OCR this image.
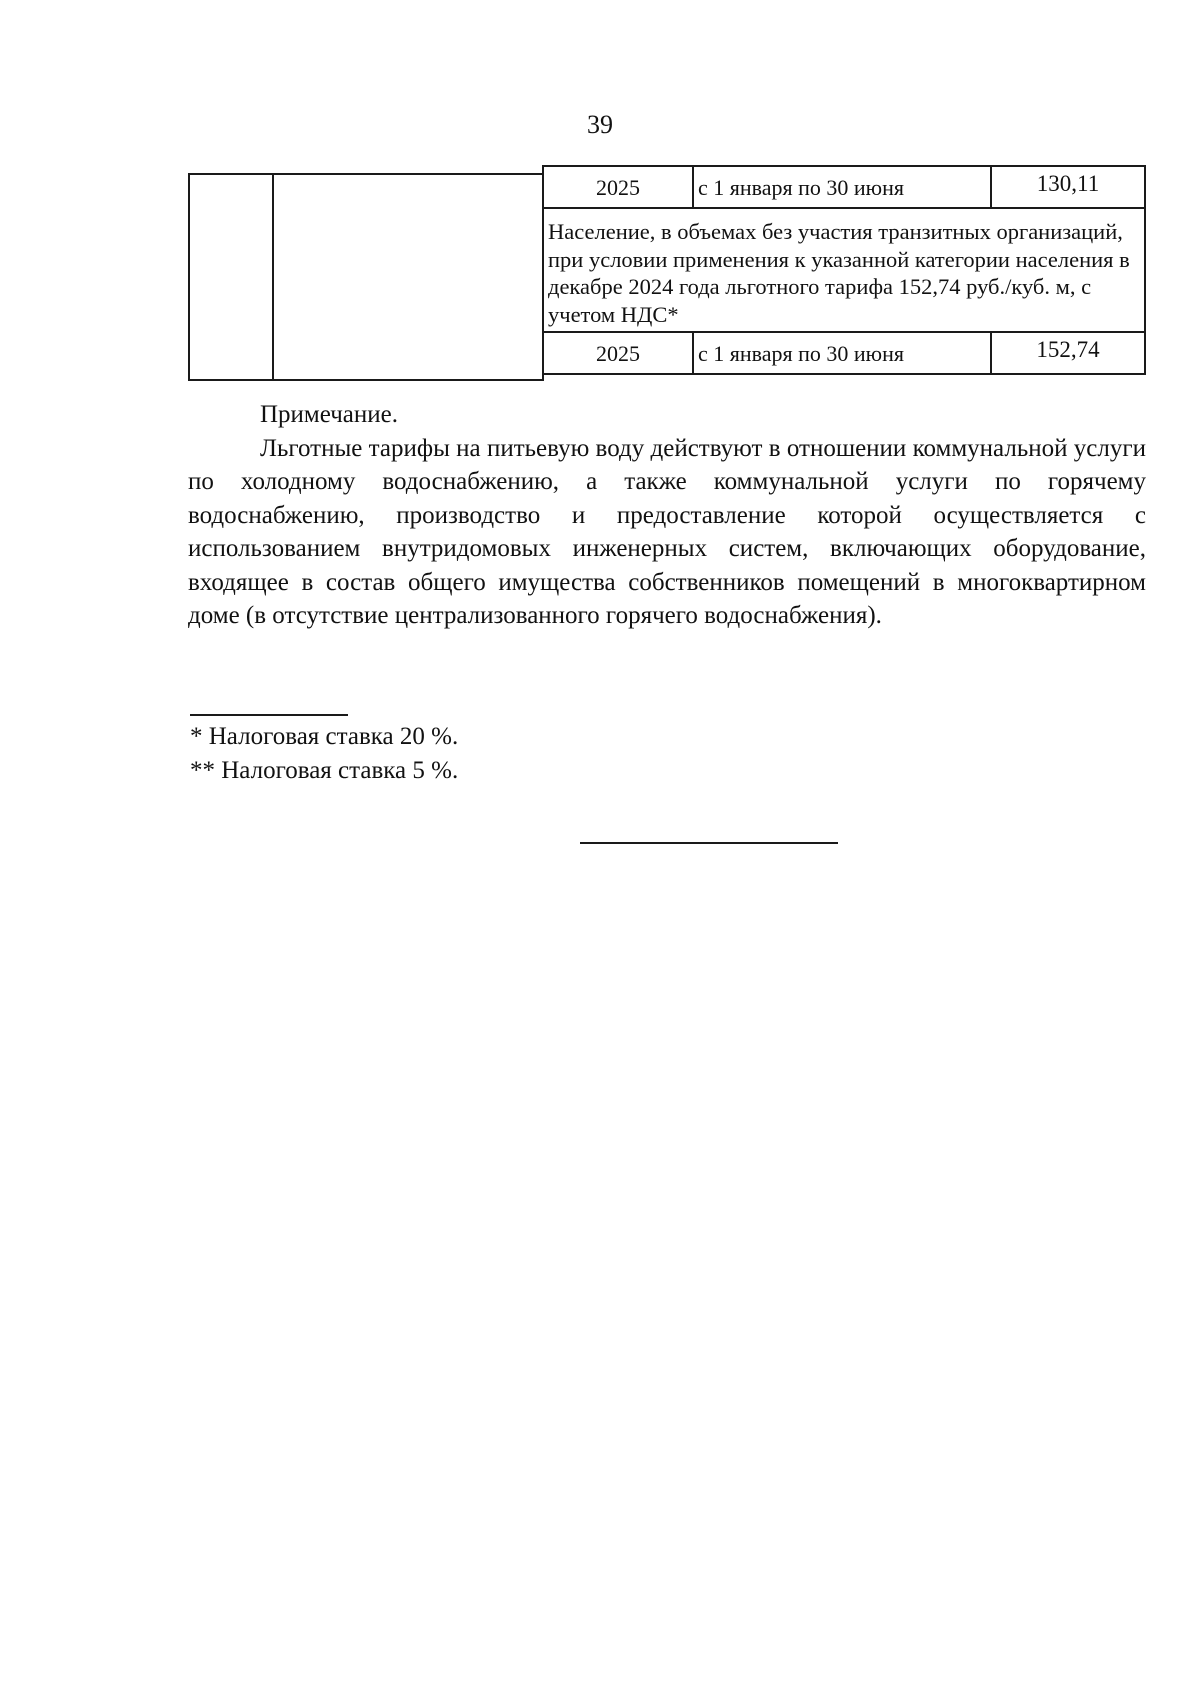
39
2025	с 1 января по 30 июня	130,11
Население, в объемах без участия транзитных организаций, при условии применения к указанной категории населения в декабре 2024 года льготного тарифа 152,74 руб./куб. м, с учетом НДС*
2025	с 1 января по 30 июня	152,74
Примечание.
Льготные тарифы на питьевую воду действуют в отношении коммунальной услуги по холодному водоснабжению, а также коммунальной услуги по горячему водоснабжению, производство и предоставление которой осуществляется с использованием внутридомовых инженерных систем, включающих оборудование, входящее в состав общего имущества собственников помещений в многоквартирном доме (в отсутствие централизованного горячего водоснабжения).
* Налоговая ставка 20 %.
** Налоговая ставка 5 %.
